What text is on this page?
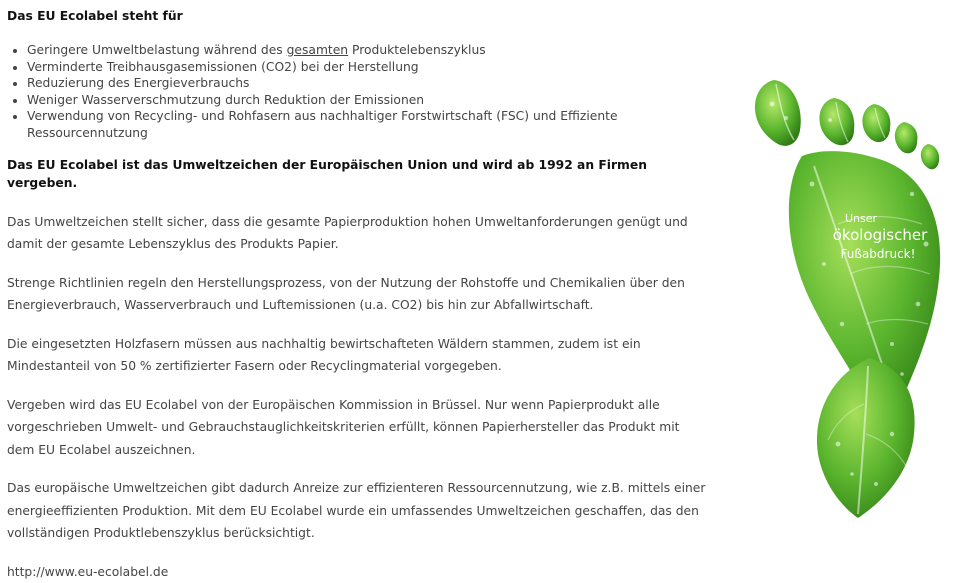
Das EU Ecolabel steht für
• Geringere Umweltbelastung während des gesamten Produktelebenszyklus
• Verminderte Treibhausgasemissionen (CO2) bei der Herstellung
• Reduzierung des Energieverbrauchs
• Weniger Wasserverschmutzung durch Reduktion der Emissionen
• Verwendung von Recycling- und Rohfasern aus nachhaltiger Forstwirtschaft (FSC) und Effiziente Ressourcennutzung

Das EU Ecolabel ist das Umweltzeichen der Europäischen Union und wird ab 1992 an Firmen vergeben.

Das Umweltzeichen stellt sicher, dass die gesamte Papierproduktion hohen Umweltanforderungen genügt und damit der gesamte Lebenszyklus des Produkts Papier.

Strenge Richtlinien regeln den Herstellungsprozess, von der Nutzung der Rohstoffe und Chemikalien über den Energieverbrauch, Wasserverbrauch und Luftemissionen (u.a. CO2) bis hin zur Abfallwirtschaft.

Die eingesetzten Holzfasern müssen aus nachhaltig bewirtschafteten Wäldern stammen, zudem ist ein Mindestanteil von 50 % zertifizierter Fasern oder Recyclingmaterial vorgegeben.

Vergeben wird das EU Ecolabel von der Europäischen Kommission in Brüssel. Nur wenn Papierprodukt alle vorgeschrieben Umwelt- und Gebrauchstauglichkeitskriterien erfüllt, können Papierhersteller das Produkt mit dem EU Ecolabel auszeichnen.

Das europäische Umweltzeichen gibt dadurch Anreize zur effizienteren Ressourcennutzung, wie z.B. mittels einer energieeffizienten Produktion. Mit dem EU Ecolabel wurde ein umfassendes Umweltzeichen geschaffen, das den vollständigen Produktlebenszyklus berücksichtigt.

http://www.eu-ecolabel.de

Unser
ökologischer
Fußabdruck!
